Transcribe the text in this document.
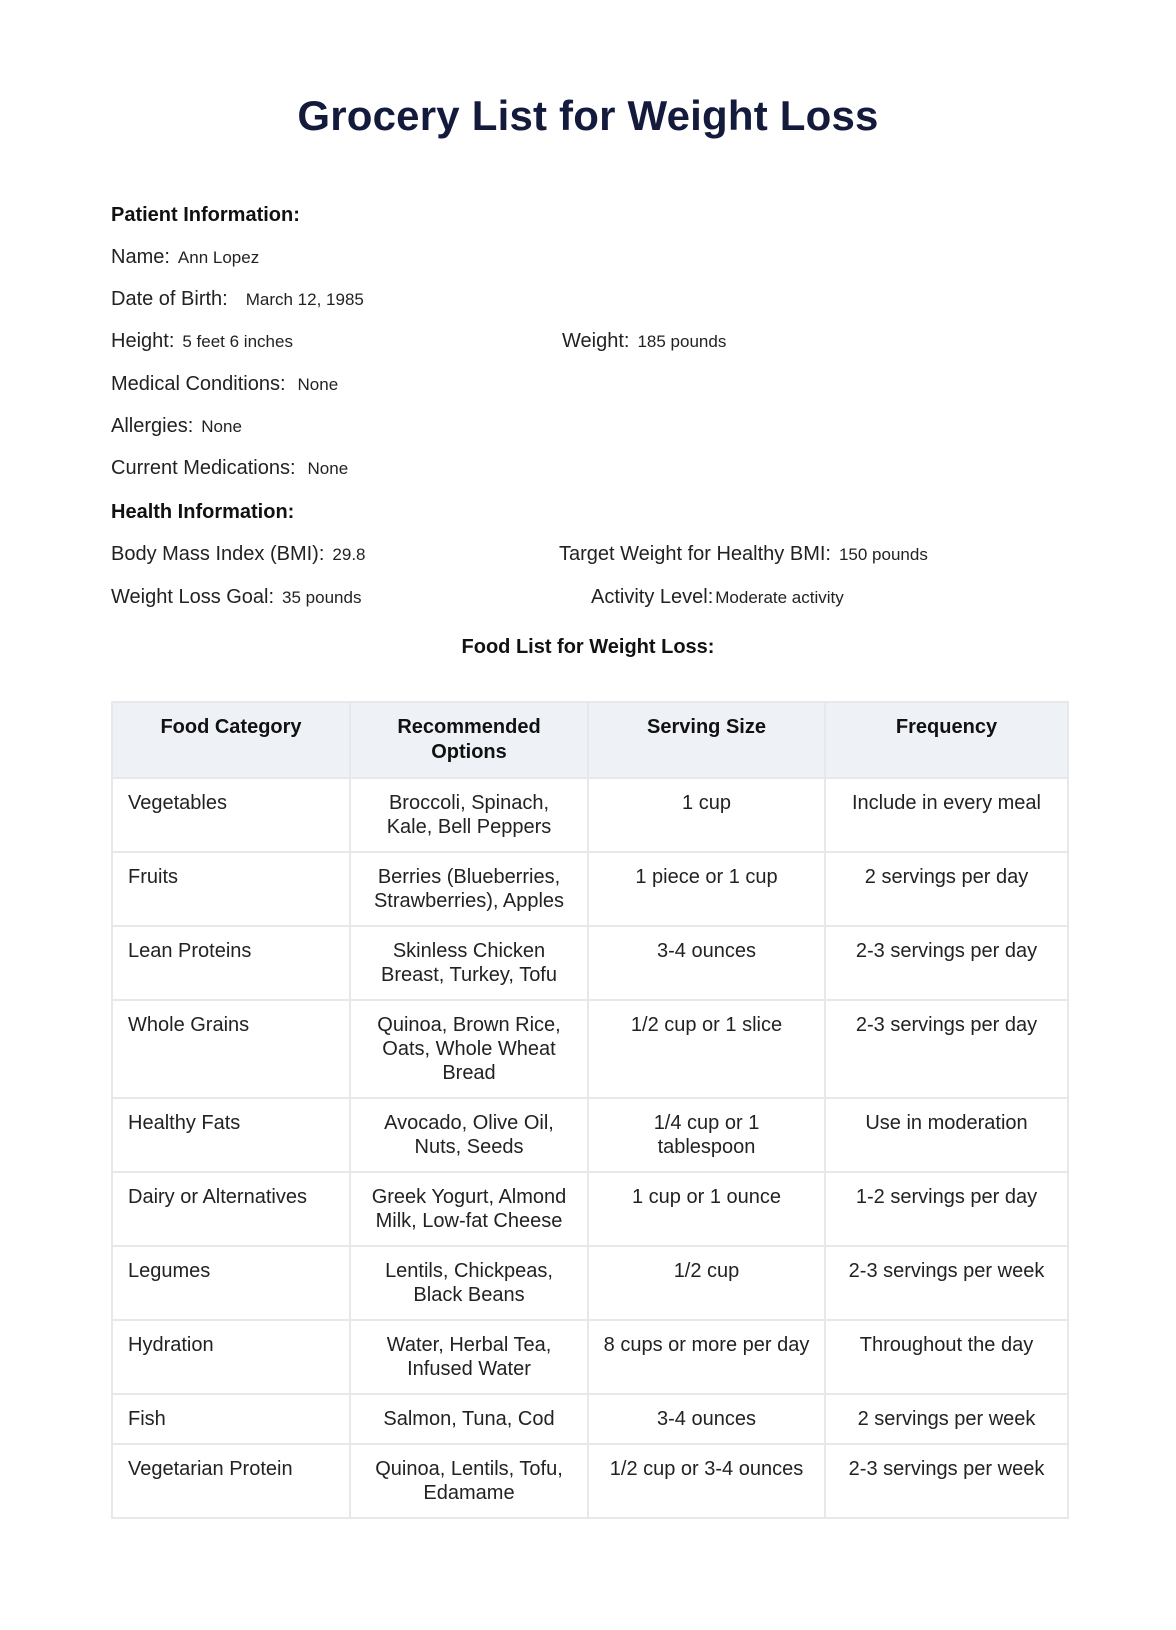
Grocery List for Weight Loss
Patient Information:
Name: Ann Lopez
Date of Birth: March 12, 1985
Height: 5 feet 6 inches	Weight: 185 pounds
Medical Conditions: None
Allergies: None
Current Medications: None
Health Information:
Body Mass Index (BMI): 29.8	Target Weight for Healthy BMI: 150 pounds
Weight Loss Goal: 35 pounds	Activity Level: Moderate activity
Food List for Weight Loss:
Food Category	Recommended Options	Serving Size	Frequency
Vegetables	Broccoli, Spinach, Kale, Bell Peppers	1 cup	Include in every meal
Fruits	Berries (Blueberries, Strawberries), Apples	1 piece or 1 cup	2 servings per day
Lean Proteins	Skinless Chicken Breast, Turkey, Tofu	3-4 ounces	2-3 servings per day
Whole Grains	Quinoa, Brown Rice, Oats, Whole Wheat Bread	1/2 cup or 1 slice	2-3 servings per day
Healthy Fats	Avocado, Olive Oil, Nuts, Seeds	1/4 cup or 1 tablespoon	Use in moderation
Dairy or Alternatives	Greek Yogurt, Almond Milk, Low-fat Cheese	1 cup or 1 ounce	1-2 servings per day
Legumes	Lentils, Chickpeas, Black Beans	1/2 cup	2-3 servings per week
Hydration	Water, Herbal Tea, Infused Water	8 cups or more per day	Throughout the day
Fish	Salmon, Tuna, Cod	3-4 ounces	2 servings per week
Vegetarian Protein	Quinoa, Lentils, Tofu, Edamame	1/2 cup or 3-4 ounces	2-3 servings per week
